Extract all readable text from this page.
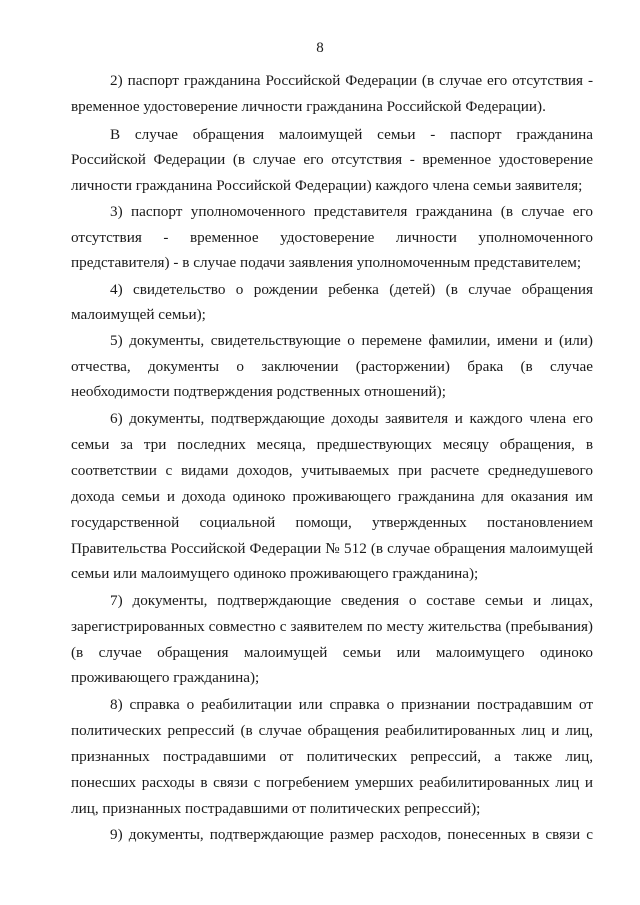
8
2) паспорт гражданина Российской Федерации (в случае его отсутствия -
временное удостоверение личности гражданина Российской Федерации).
В случае обращения малоимущей семьи - паспорт гражданина
Российской Федерации (в случае его отсутствия - временное удостоверение
личности гражданина Российской Федерации) каждого члена семьи заявителя;
3) паспорт уполномоченного представителя гражданина (в случае его
отсутствия - временное удостоверение личности уполномоченного
представителя) - в случае подачи заявления уполномоченным представителем;
4) свидетельство о рождении ребенка (детей) (в случае обращения
малоимущей семьи);
5) документы, свидетельствующие о перемене фамилии, имени и (или)
отчества, документы о заключении (расторжении) брака (в случае
необходимости подтверждения родственных отношений);
6) документы, подтверждающие доходы заявителя и каждого члена его
семьи за три последних месяца, предшествующих месяцу обращения, в
соответствии с видами доходов, учитываемых при расчете среднедушевого
дохода семьи и дохода одиноко проживающего гражданина для оказания им
государственной социальной помощи, утвержденных постановлением
Правительства Российской Федерации № 512 (в случае обращения малоимущей
семьи или малоимущего одиноко проживающего гражданина);
7) документы, подтверждающие сведения о составе семьи и лицах,
зарегистрированных совместно с заявителем по месту жительства (пребывания)
(в случае обращения малоимущей семьи или малоимущего одиноко
проживающего гражданина);
8) справка о реабилитации или справка о признании пострадавшим от
политических репрессий (в случае обращения реабилитированных лиц и лиц,
признанных пострадавшими от политических репрессий, а также лиц,
понесших расходы в связи с погребением умерших реабилитированных лиц и
лиц, признанных пострадавшими от политических репрессий);
9) документы, подтверждающие размер расходов, понесенных в связи с
